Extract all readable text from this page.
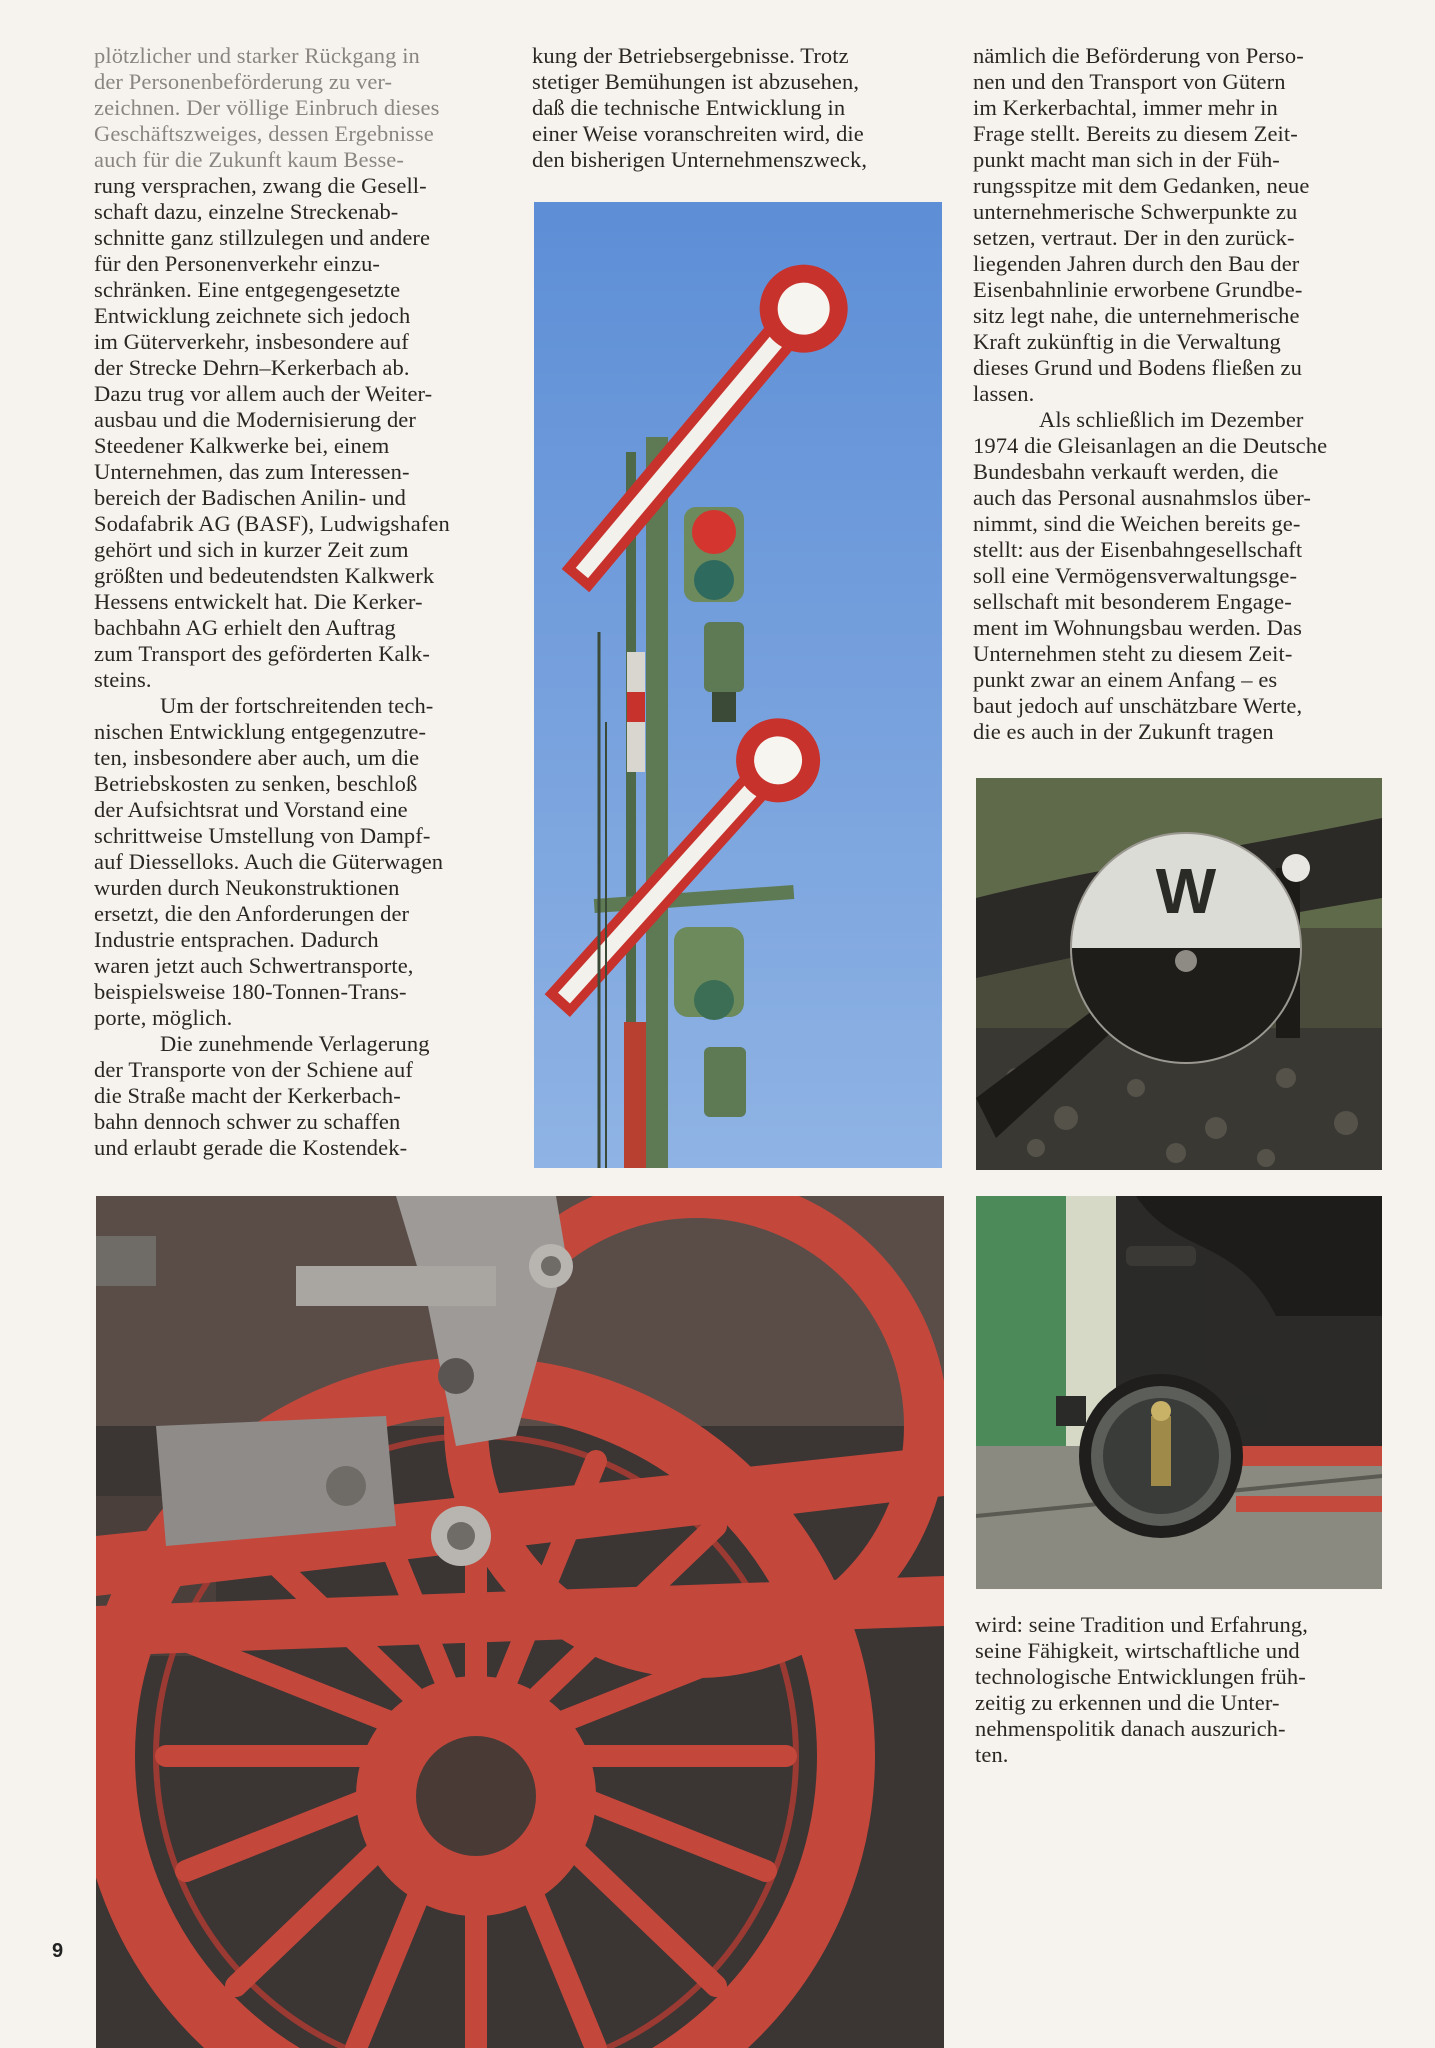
plötzlicher und starker Rückgang in
der Personenbeförderung zu ver-
zeichnen. Der völlige Einbruch dieses
Geschäftszweiges, dessen Ergebnisse
auch für die Zukunft kaum Besse-
rung versprachen, zwang die Gesell-
schaft dazu, einzelne Streckenab-
schnitte ganz stillzulegen und andere
für den Personenverkehr einzu-
schränken. Eine entgegengesetzte
Entwicklung zeichnete sich jedoch
im Güterverkehr, insbesondere auf
der Strecke Dehrn–Kerkerbach ab.
Dazu trug vor allem auch der Weiter-
ausbau und die Modernisierung der
Steedener Kalkwerke bei, einem
Unternehmen, das zum Interessen-
bereich der Badischen Anilin- und
Sodafabrik AG (BASF), Ludwigshafen
gehört und sich in kurzer Zeit zum
größten und bedeutendsten Kalkwerk
Hessens entwickelt hat. Die Kerker-
bachbahn AG erhielt den Auftrag
zum Transport des geförderten Kalk-
steins.
Um der fortschreitenden tech-
nischen Entwicklung entgegenzutre-
ten, insbesondere aber auch, um die
Betriebskosten zu senken, beschloß
der Aufsichtsrat und Vorstand eine
schrittweise Umstellung von Dampf-
auf Diesselloks. Auch die Güterwagen
wurden durch Neukonstruktionen
ersetzt, die den Anforderungen der
Industrie entsprachen. Dadurch
waren jetzt auch Schwertransporte,
beispielsweise 180-Tonnen-Trans-
porte, möglich.
Die zunehmende Verlagerung
der Transporte von der Schiene auf
die Straße macht der Kerkerbach-
bahn dennoch schwer zu schaffen
und erlaubt gerade die Kostendek-
kung der Betriebsergebnisse. Trotz
stetiger Bemühungen ist abzusehen,
daß die technische Entwicklung in
einer Weise voranschreiten wird, die
den bisherigen Unternehmenszweck,
nämlich die Beförderung von Perso-
nen und den Transport von Gütern
im Kerkerbachtal, immer mehr in
Frage stellt. Bereits zu diesem Zeit-
punkt macht man sich in der Füh-
rungsspitze mit dem Gedanken, neue
unternehmerische Schwerpunkte zu
setzen, vertraut. Der in den zurück-
liegenden Jahren durch den Bau der
Eisenbahnlinie erworbene Grundbe-
sitz legt nahe, die unternehmerische
Kraft zukünftig in die Verwaltung
dieses Grund und Bodens fließen zu
lassen.
Als schließlich im Dezember
1974 die Gleisanlagen an die Deutsche
Bundesbahn verkauft werden, die
auch das Personal ausnahmslos über-
nimmt, sind die Weichen bereits ge-
stellt: aus der Eisenbahngesellschaft
soll eine Vermögensverwaltungsge-
sellschaft mit besonderem Engage-
ment im Wohnungsbau werden. Das
Unternehmen steht zu diesem Zeit-
punkt zwar an einem Anfang – es
baut jedoch auf unschätzbare Werte,
die es auch in der Zukunft tragen
wird: seine Tradition und Erfahrung,
seine Fähigkeit, wirtschaftliche und
technologische Entwicklungen früh-
zeitig zu erkennen und die Unter-
nehmenspolitik danach auszurich-
ten.
W
9
